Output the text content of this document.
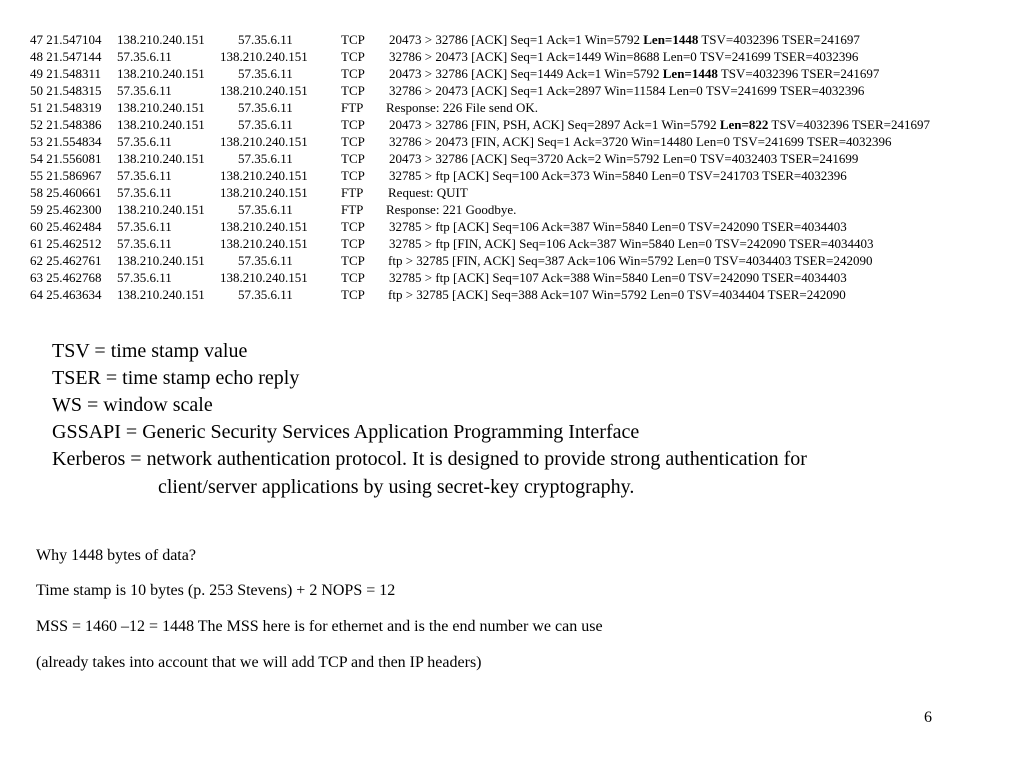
47 21.547104 138.210.240.151	57.35.6.11	TCP 20473 > 32786 [ACK] Seq=1 Ack=1 Win=5792 Len=1448 TSV=4032396 TSER=241697
48 21.547144 57.35.6.11	138.210.240.151	TCP 32786 > 20473 [ACK] Seq=1 Ack=1449 Win=8688 Len=0 TSV=241699 TSER=4032396
49 21.548311 138.210.240.151	57.35.6.11	TCP 20473 > 32786 [ACK] Seq=1449 Ack=1 Win=5792 Len=1448 TSV=4032396 TSER=241697
50 21.548315 57.35.6.11	138.210.240.151	TCP 32786 > 20473 [ACK] Seq=1 Ack=2897 Win=11584 Len=0 TSV=241699 TSER=4032396
51 21.548319 138.210.240.151	57.35.6.11	FTP Response: 226 File send OK.
52 21.548386 138.210.240.151	57.35.6.11	TCP 20473 > 32786 [FIN, PSH, ACK] Seq=2897 Ack=1 Win=5792 Len=822 TSV=4032396 TSER=241697
53 21.554834 57.35.6.11	138.210.240.151	TCP 32786 > 20473 [FIN, ACK] Seq=1 Ack=3720 Win=14480 Len=0 TSV=241699 TSER=4032396
54 21.556081 138.210.240.151	57.35.6.11	TCP 20473 > 32786 [ACK] Seq=3720 Ack=2 Win=5792 Len=0 TSV=4032403 TSER=241699
55 21.586967 57.35.6.11	138.210.240.151	TCP 32785 > ftp [ACK] Seq=100 Ack=373 Win=5840 Len=0 TSV=241703 TSER=4032396
58 25.460661 57.35.6.11	138.210.240.151	FTP Request: QUIT
59 25.462300 138.210.240.151	57.35.6.11	FTP Response: 221 Goodbye.
60 25.462484 57.35.6.11	138.210.240.151	TCP 32785 > ftp [ACK] Seq=106 Ack=387 Win=5840 Len=0 TSV=242090 TSER=4034403
61 25.462512 57.35.6.11	138.210.240.151	TCP 32785 > ftp [FIN, ACK] Seq=106 Ack=387 Win=5840 Len=0 TSV=242090 TSER=4034403
62 25.462761 138.210.240.151	57.35.6.11	TCP ftp > 32785 [FIN, ACK] Seq=387 Ack=106 Win=5792 Len=0 TSV=4034403 TSER=242090
63 25.462768 57.35.6.11	138.210.240.151	TCP 32785 > ftp [ACK] Seq=107 Ack=388 Win=5840 Len=0 TSV=242090 TSER=4034403
64 25.463634 138.210.240.151	57.35.6.11	TCP ftp > 32785 [ACK] Seq=388 Ack=107 Win=5792 Len=0 TSV=4034404 TSER=242090
TSV = time stamp value
TSER = time stamp echo reply
WS = window scale
GSSAPI = Generic Security Services Application Programming Interface
Kerberos = network authentication protocol. It is designed to provide strong authentication for
client/server applications by using secret-key cryptography.
Why 1448 bytes of data?
Time stamp is 10 bytes (p. 253 Stevens) + 2 NOPS = 12
MSS = 1460 –12 = 1448 The MSS here is for ethernet and is the end number we can use
(already takes into account that we will add TCP and then IP headers)
6
